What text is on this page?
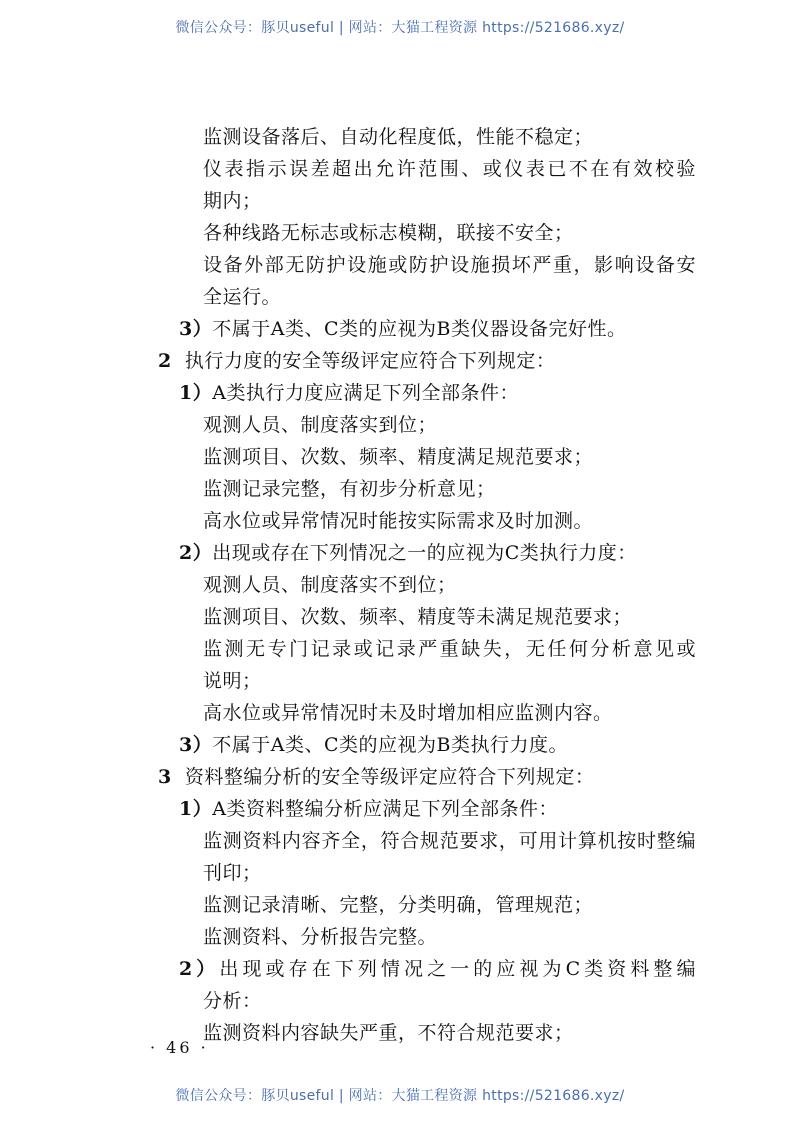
微信公众号：豚贝useful | 网站：大猫工程资源 https://521686.xyz/
监测设备落后、自动化程度低，性能不稳定；
仪表指示误差超出允许范围、或仪表已不在有效校验
期内；
各种线路无标志或标志模糊，联接不安全；
设备外部无防护设施或防护设施损坏严重，影响设备安
全运行。
3）不属于A类、C类的应视为B类仪器设备完好性。
2 执行力度的安全等级评定应符合下列规定：
1）A类执行力度应满足下列全部条件：
观测人员、制度落实到位；
监测项目、次数、频率、精度满足规范要求；
监测记录完整，有初步分析意见；
高水位或异常情况时能按实际需求及时加测。
2）出现或存在下列情况之一的应视为C类执行力度：
观测人员、制度落实不到位；
监测项目、次数、频率、精度等未满足规范要求；
监测无专门记录或记录严重缺失，无任何分析意见或
说明；
高水位或异常情况时未及时增加相应监测内容。
3）不属于A类、C类的应视为B类执行力度。
3 资料整编分析的安全等级评定应符合下列规定：
1）A类资料整编分析应满足下列全部条件：
监测资料内容齐全，符合规范要求，可用计算机按时整编
刊印；
监测记录清晰、完整，分类明确，管理规范；
监测资料、分析报告完整。
2）出现或存在下列情况之一的应视为C类资料整编
分析：
监测资料内容缺失严重，不符合规范要求；
· 46 ·
微信公众号：豚贝useful | 网站：大猫工程资源 https://521686.xyz/
